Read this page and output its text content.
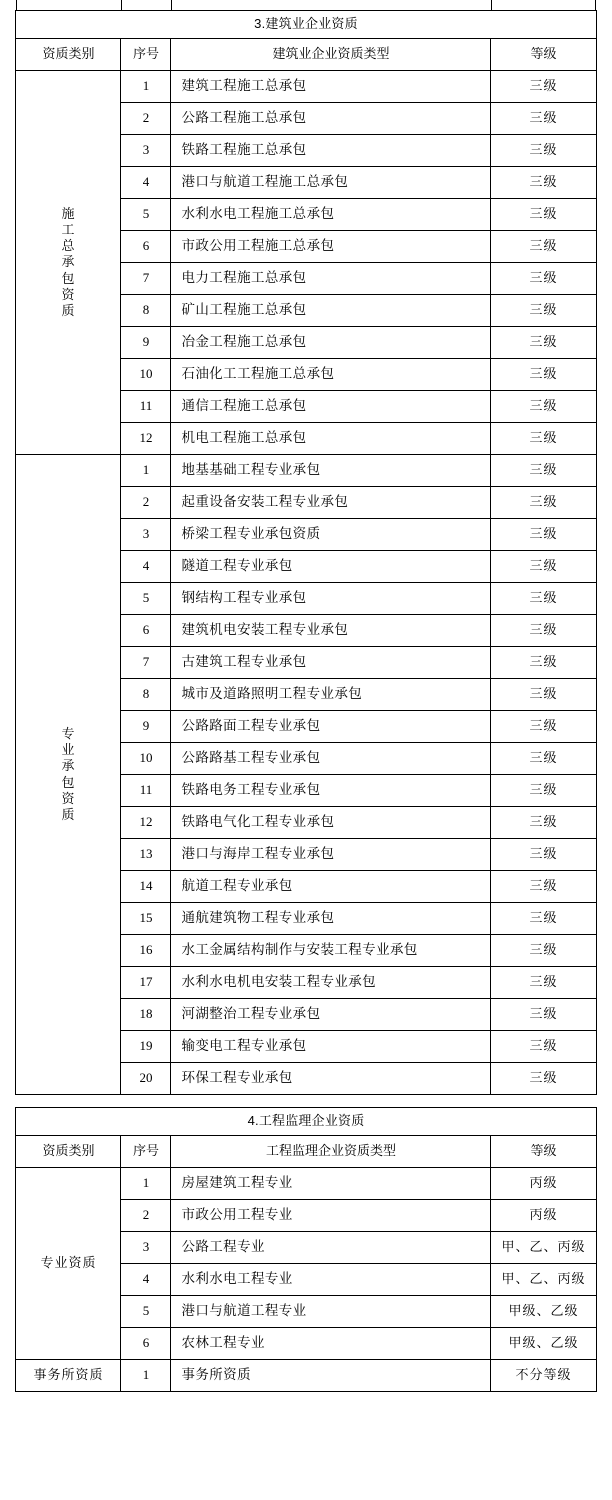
3.建筑业企业资质			
资质类别	序号	建筑业企业资质类型	等级

施
工
总
承
包
资
质
	1	建筑工程施工总承包	三级
	2	公路工程施工总承包	三级
	3	铁路工程施工总承包	三级
	4	港口与航道工程施工总承包	三级
	5	水利水电工程施工总承包	三级
	6	市政公用工程施工总承包	三级
	7	电力工程施工总承包	三级
	8	矿山工程施工总承包	三级
	9	冶金工程施工总承包	三级
	10	石油化工工程施工总承包	三级
	11	通信工程施工总承包	三级
	12	机电工程施工总承包	三级

专
业
承
包
资
质
	1	地基基础工程专业承包	三级
	2	起重设备安装工程专业承包	三级
	3	桥梁工程专业承包资质	三级
	4	隧道工程专业承包	三级
	5	钢结构工程专业承包	三级
	6	建筑机电安装工程专业承包	三级
	7	古建筑工程专业承包	三级
	8	城市及道路照明工程专业承包	三级
	9	公路路面工程专业承包	三级
	10	公路路基工程专业承包	三级
	11	铁路电务工程专业承包	三级
	12	铁路电气化工程专业承包	三级
	13	港口与海岸工程专业承包	三级
	14	航道工程专业承包	三级
	15	通航建筑物工程专业承包	三级
	16	水工金属结构制作与安装工程专业承包	三级
	17	水利水电机电安装工程专业承包	三级
	18	河湖整治工程专业承包	三级
	19	输变电工程专业承包	三级
	20	环保工程专业承包	三级
4.工程监理企业资质			
资质类别	序号	工程监理企业资质类型	等级
专业资质	1	房屋建筑工程专业	丙级
	2	市政公用工程专业	丙级
	3	公路工程专业	甲、乙、丙级
	4	水利水电工程专业	甲、乙、丙级
	5	港口与航道工程专业	甲级、乙级
	6	农林工程专业	甲级、乙级
事务所资质	1	事务所资质	不分等级
